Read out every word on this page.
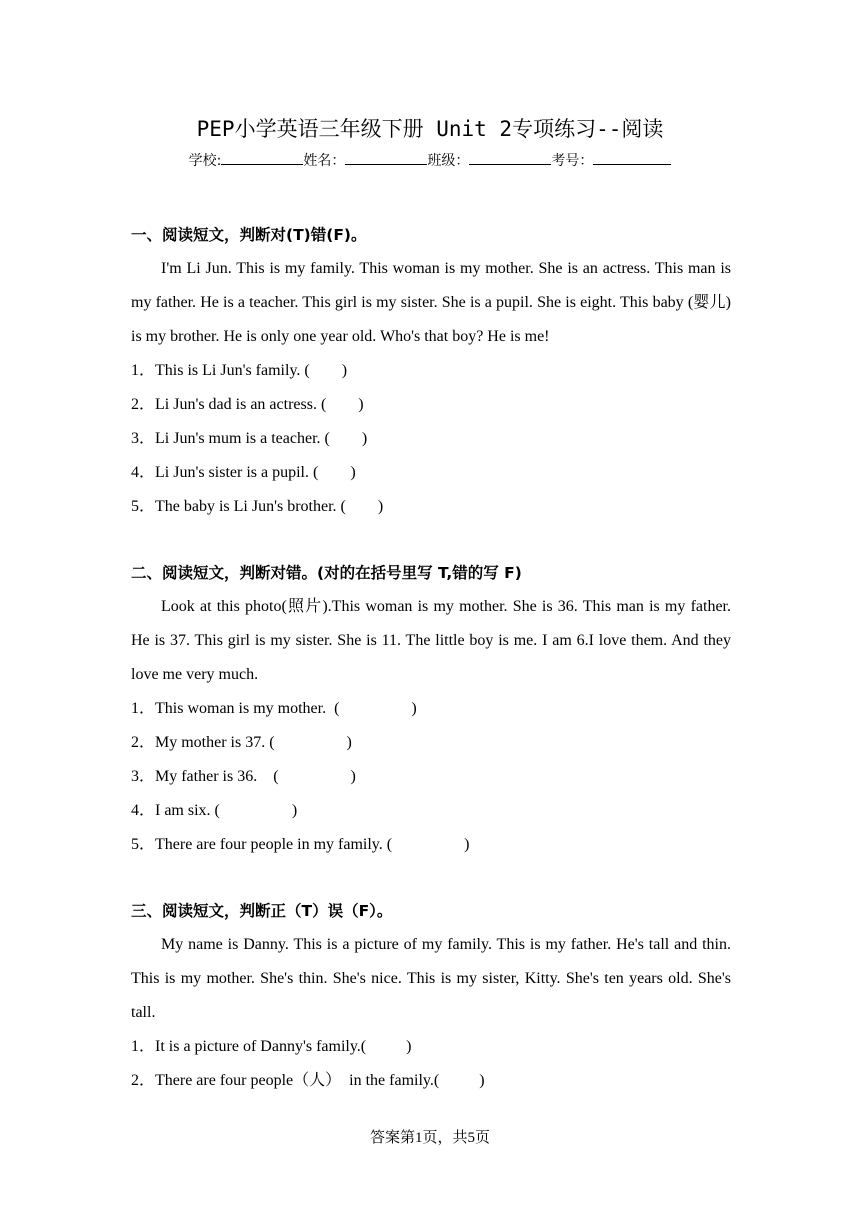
PEP小学英语三年级下册 Unit 2专项练习--阅读
学校:	姓名：	班级：	考号：
一、阅读短文，判断对(T)错(F)。
I'm Li Jun. This is my family. This woman is my mother. She is an actress. This man is my father. He is a teacher. This girl is my sister. She is a pupil. She is eight. This baby (婴儿) is my brother. He is only one year old. Who's that boy? He is me!
1．This is Li Jun's family. (        )
2．Li Jun's dad is an actress. (        )
3．Li Jun's mum is a teacher. (        )
4．Li Jun's sister is a pupil. (        )
5．The baby is Li Jun's brother. (        )
二、阅读短文，判断对错。(对的在括号里写 T,错的写 F)
Look at this photo(照片).This woman is my mother. She is 36. This man is my father. He is 37. This girl is my sister. She is 11. The little boy is me. I am 6.I love them. And they love me very much.
1．This woman is my mother.  (                  )
2．My mother is 37. (                  )
3．My father is 36.    (                  )
4．I am six. (                  )
5．There are four people in my family. (                  )
三、阅读短文，判断正（T）误（F）。
My name is Danny. This is a picture of my family. This is my father. He's tall and thin. This is my mother. She's thin. She's nice. This is my sister, Kitty. She's ten years old. She's tall.
1．It is a picture of Danny's family.(          )
2．There are four people（人）  in the family.(          )
答案第1页，共5页
